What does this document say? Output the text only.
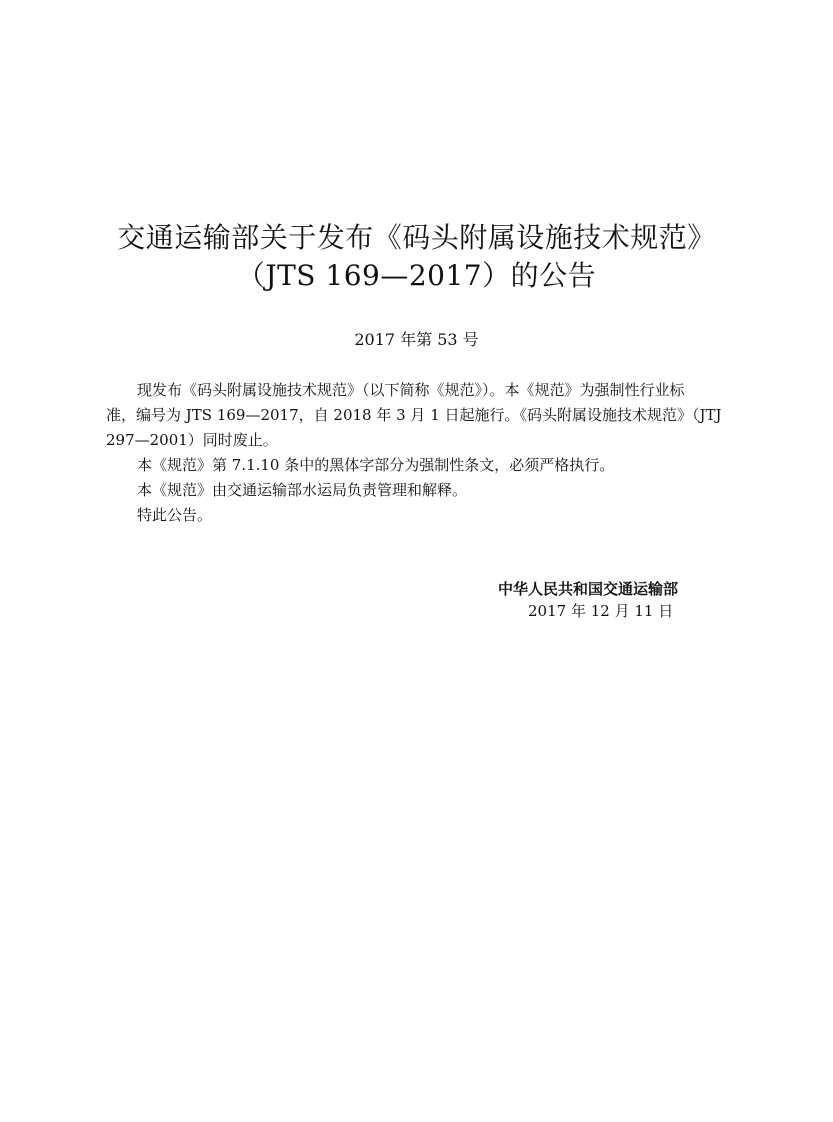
交通运输部关于发布《码头附属设施技术规范》
（JTS 169—2017）的公告
2017 年第 53 号
现发布《码头附属设施技术规范》（以下简称《规范》）。本《规范》为强制性行业标
准，编号为 JTS 169—2017，自 2018 年 3 月 1 日起施行。《码头附属设施技术规范》（JTJ
297—2001）同时废止。
本《规范》第 7.1.10 条中的黑体字部分为强制性条文，必须严格执行。
本《规范》由交通运输部水运局负责管理和解释。
特此公告。
中华人民共和国交通运输部
2017 年 12 月 11 日
